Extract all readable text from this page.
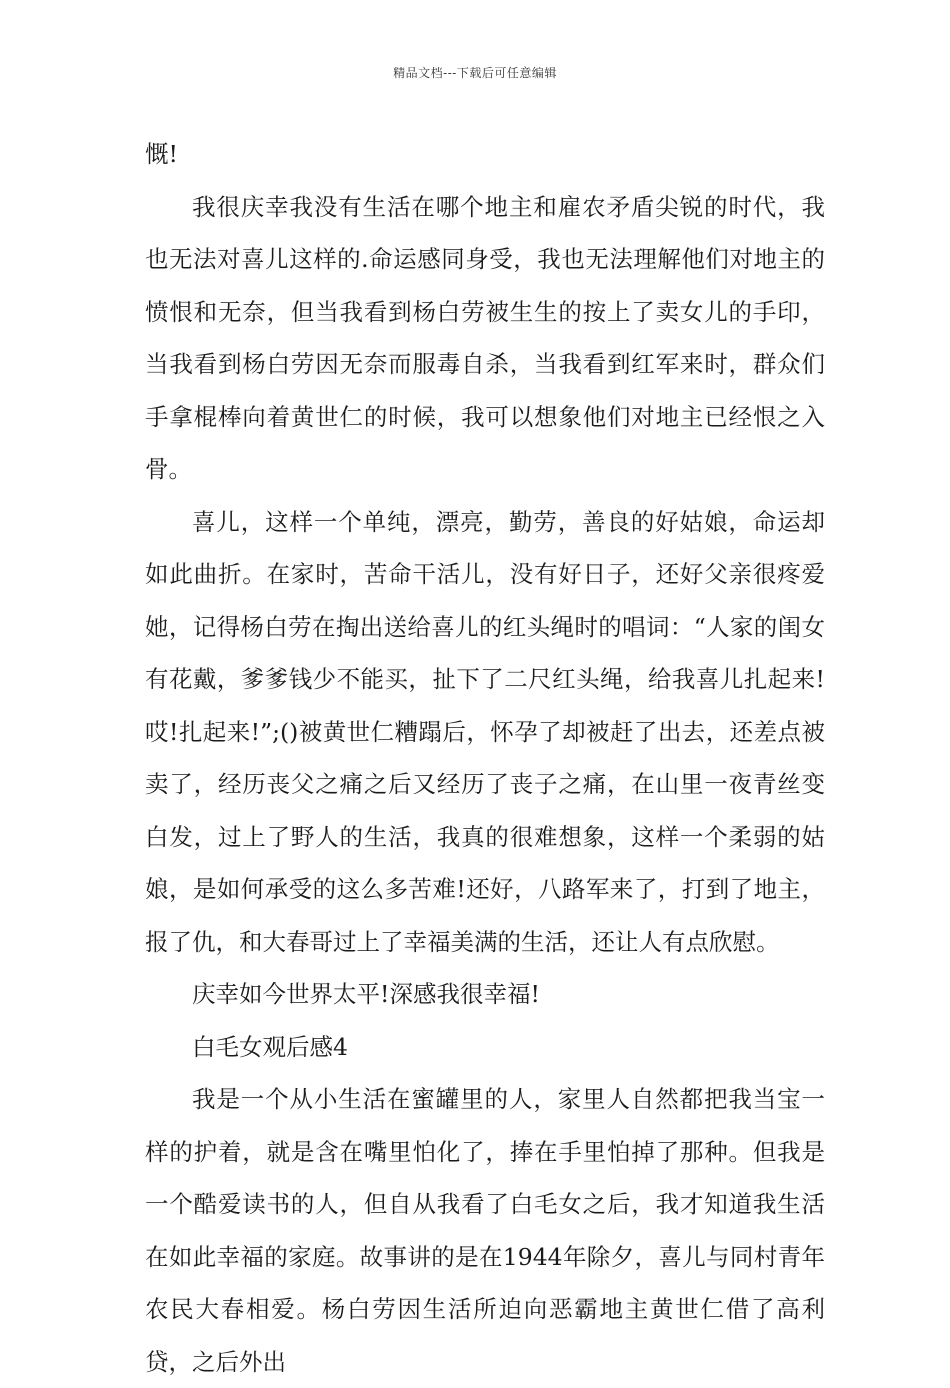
精品文档---下载后可任意编辑

慨!

我很庆幸我没有生活在哪个地主和雇农矛盾尖锐的时代，我也无法对喜儿这样的.命运感同身受，我也无法理解他们对地主的愤恨和无奈，但当我看到杨白劳被生生的按上了卖女儿的手印，当我看到杨白劳因无奈而服毒自杀，当我看到红军来时，群众们手拿棍棒向着黄世仁的时候，我可以想象他们对地主已经恨之入骨。

喜儿，这样一个单纯，漂亮，勤劳，善良的好姑娘，命运却如此曲折。在家时，苦命干活儿，没有好日子，还好父亲很疼爱她，记得杨白劳在掏出送给喜儿的红头绳时的唱词：“人家的闺女有花戴，爹爹钱少不能买，扯下了二尺红头绳，给我喜儿扎起来!哎!扎起来!”;()被黄世仁糟蹋后，怀孕了却被赶了出去，还差点被卖了，经历丧父之痛之后又经历了丧子之痛，在山里一夜青丝变白发，过上了野人的生活，我真的很难想象，这样一个柔弱的姑娘，是如何承受的这么多苦难!还好，八路军来了，打到了地主，报了仇，和大春哥过上了幸福美满的生活，还让人有点欣慰。

庆幸如今世界太平!深感我很幸福!

白毛女观后感4

我是一个从小生活在蜜罐里的人，家里人自然都把我当宝一样的护着，就是含在嘴里怕化了，捧在手里怕掉了那种。但我是一个酷爱读书的人，但自从我看了白毛女之后，我才知道我生活在如此幸福的家庭。故事讲的是在1944年除夕，喜儿与同村青年农民大春相爱。杨白劳因生活所迫向恶霸地主黄世仁借了高利贷，之后外出
